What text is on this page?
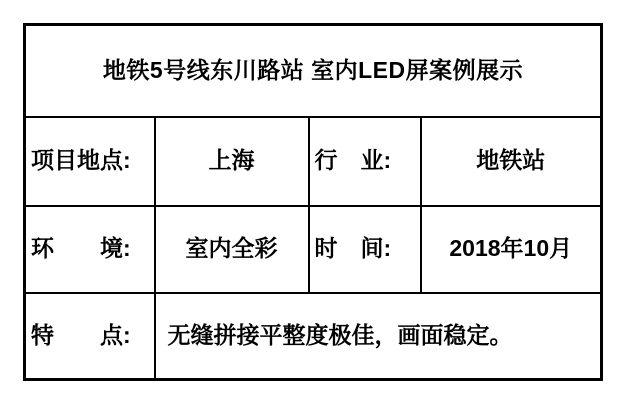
地铁5号线东川路站 室内LED屏案例展示			
项目地点:	上海	行　业:	地铁站
环　　境:	室内全彩	时　间:	2018年10月
特　　点:	无缝拼接平整度极佳，画面稳定。		
